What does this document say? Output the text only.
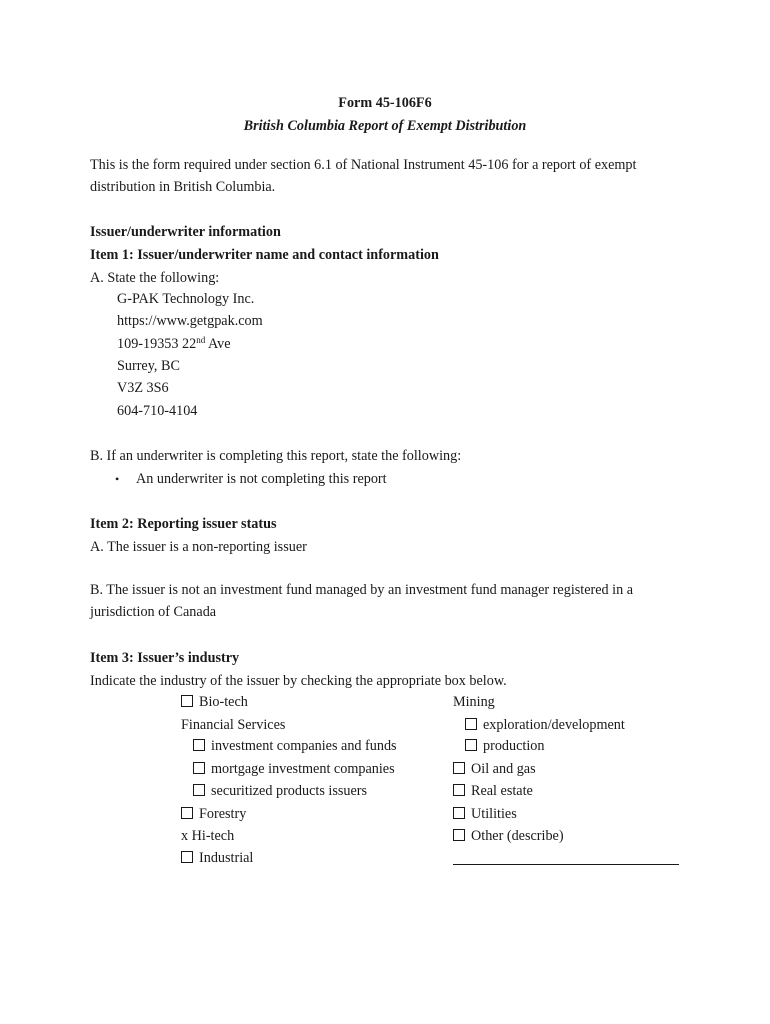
Form 45-106F6
British Columbia Report of Exempt Distribution
This is the form required under section 6.1 of National Instrument 45-106 for a report of exempt
distribution in British Columbia.
Issuer/underwriter information
Item 1: Issuer/underwriter name and contact information
A. State the following:
G-PAK Technology Inc.
https://www.getgpak.com
109-19353 22nd Ave
Surrey, BC
V3Z 3S6
604-710-4104
B. If an underwriter is completing this report, state the following:
• An underwriter is not completing this report
Item 2: Reporting issuer status
A. The issuer is a non-reporting issuer
B. The issuer is not an investment fund managed by an investment fund manager registered in a
jurisdiction of Canada
Item 3: Issuer’s industry
Indicate the industry of the issuer by checking the appropriate box below.
Bio-tech
Financial Services
investment companies and funds
mortgage investment companies
securitized products issuers
Forestry
x Hi-tech
Industrial
Mining
exploration/development
production
Oil and gas
Real estate
Utilities
Other (describe)
